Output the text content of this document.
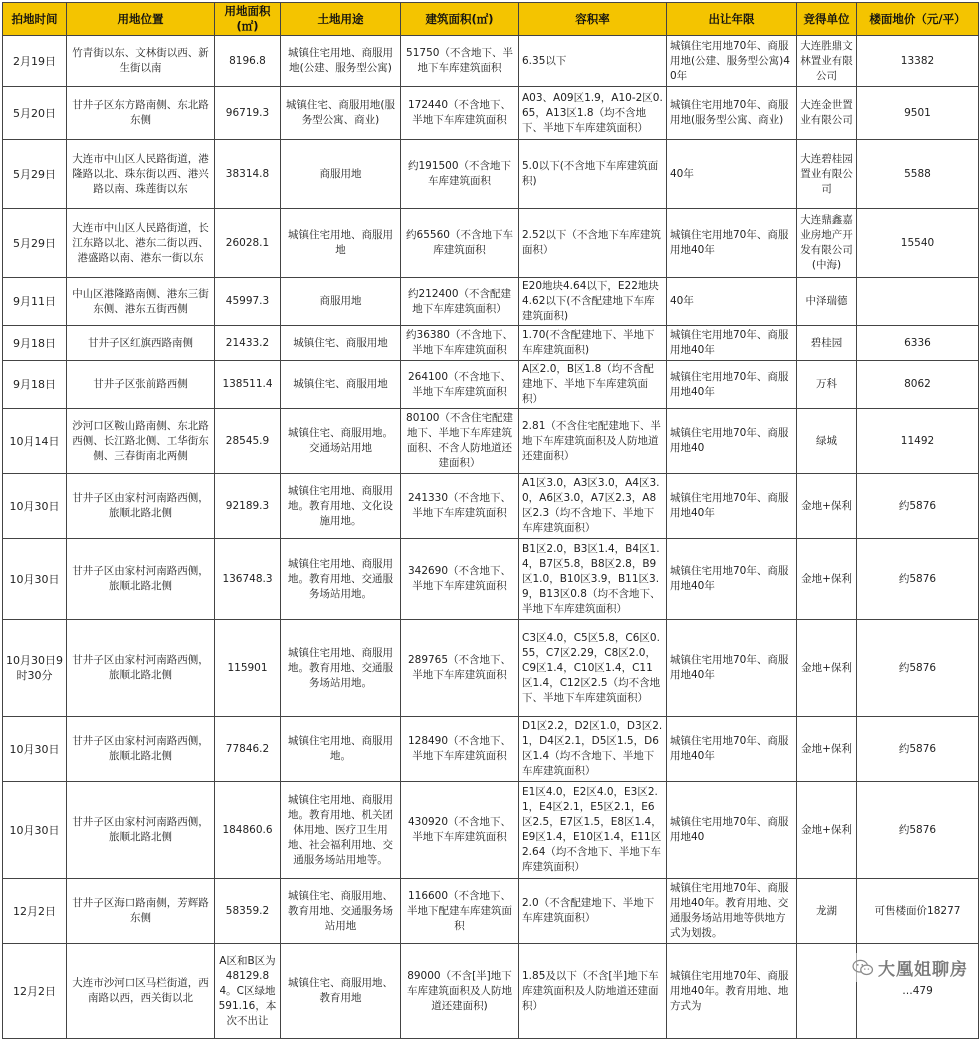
拍地时间	用地位置	用地面积(㎡)	土地用途	建筑面积(㎡)	容积率	出让年限	竞得单位	楼面地价（元/平）
2月19日	竹青街以东、文林街以西、新生街以南	8196.8	城镇住宅用地、商服用地(公建、服务型公寓)	51750（不含地下、半地下车库建筑面积	6.35以下	城镇住宅用地70年、商服用地(公建、服务型公寓)40年	大连胜鼎文林置业有限公司	13382
5月20日	甘井子区东方路南侧、东北路东侧	96719.3	城镇住宅、商服用地(服务型公寓、商业)	172440（不含地下、半地下车库建筑面积	A03、A09区1.9，A10-2区0.65，A13区1.8（均不含地下、半地下车库建筑面积）	城镇住宅用地70年、商服用地(服务型公寓、商业)	大连金世置业有限公司	9501
5月29日	大连市中山区人民路街道，港隆路以北、珠东街以西、港兴路以南、珠莲街以东	38314.8	商服用地	约191500（不含地下车库建筑面积	5.0以下(不含地下车库建筑面积)	40年	大连碧桂园置业有限公司	5588
5月29日	大连市中山区人民路街道，长江东路以北、港东二街以西、港盛路以南、港东一街以东	26028.1	城镇住宅用地、商服用地	约65560（不含地下车库建筑面积	2.52以下（不含地下车库建筑面积）	城镇住宅用地70年、商服用地40年	大连鼎鑫嘉业房地产开发有限公司(中海)	15540
9月11日	中山区港隆路南侧、港东三街东侧、港东五街西侧	45997.3	商服用地	约212400（不含配建地下车库建筑面积）	E20地块4.64以下，E22地块4.62以下(不含配建地下车库建筑面积)	40年	中泽瑞德	
9月18日	甘井子区红旗西路南侧	21433.2	城镇住宅、商服用地	约36380（不含地下、半地下车库建筑面积	1.70(不含配建地下、半地下车库建筑面积)	城镇住宅用地70年、商服用地40年	碧桂园	6336
9月18日	甘井子区张前路西侧	138511.4	城镇住宅、商服用地	264100（不含地下、半地下车库建筑面积	A区2.0，B区1.8（均不含配建地下、半地下车库建筑面积）	城镇住宅用地70年、商服用地40年	万科	8062
10月14日	沙河口区鞍山路南侧、东北路西侧、长江路北侧、工华街东侧、三春街南北两侧	28545.9	城镇住宅、商服用地。交通场站用地	80100（不含住宅配建地下、半地下车库建筑面积、不含人防地道还建面积）	2.81（不含住宅配建地下、半地下车库建筑面积及人防地道还建面积）	城镇住宅用地70年、商服用地40	绿城	11492
10月30日	甘井子区由家村河南路西侧，旅顺北路北侧	92189.3	城镇住宅用地、商服用地。教育用地、文化设施用地。	241330（不含地下、半地下车库建筑面积	A1区3.0，A3区3.0，A4区3.0，A6区3.0，A7区2.3，A8区2.3（均不含地下、半地下车库建筑面积）	城镇住宅用地70年、商服用地40年	金地+保利	约5876
10月30日	甘井子区由家村河南路西侧，旅顺北路北侧	136748.3	城镇住宅用地、商服用地。教育用地、交通服务场站用地。	342690（不含地下、半地下车库建筑面积	B1区2.0，B3区1.4，B4区1.4，B7区5.8，B8区2.8，B9区1.0，B10区3.9，B11区3.9，B13区0.8（均不含地下、半地下车库建筑面积）	城镇住宅用地70年、商服用地40年	金地+保利	约5876
10月30日9时30分	甘井子区由家村河南路西侧，旅顺北路北侧	115901	城镇住宅用地、商服用地。教育用地、交通服务场站用地。	289765（不含地下、半地下车库建筑面积	C3区4.0，C5区5.8，C6区0.55，C7区2.29，C8区2.0，C9区1.4，C10区1.4，C11区1.4，C12区2.5（均不含地下、半地下车库建筑面积）	城镇住宅用地70年、商服用地40年	金地+保利	约5876
10月30日	甘井子区由家村河南路西侧，旅顺北路北侧	77846.2	城镇住宅用地、商服用地。	128490（不含地下、半地下车库建筑面积	D1区2.2，D2区1.0，D3区2.1，D4区2.1，D5区1.5，D6区1.4（均不含地下、半地下车库建筑面积）	城镇住宅用地70年、商服用地40年	金地+保利	约5876
10月30日	甘井子区由家村河南路西侧，旅顺北路北侧	184860.6	城镇住宅用地、商服用地。教育用地、机关团体用地、医疗卫生用地、社会福利用地、交通服务场站用地等。	430920（不含地下、半地下车库建筑面积	E1区4.0，E2区4.0，E3区2.1，E4区2.1，E5区2.1，E6区2.5，E7区1.5，E8区1.4，E9区1.4，E10区1.4，E11区2.64（均不含地下、半地下车库建筑面积）	城镇住宅用地70年、商服用地40	金地+保利	约5876
12月2日	甘井子区海口路南侧，芳辉路东侧	58359.2	城镇住宅、商服用地、教育用地、交通服务场站用地	116600（不含地下、半地下配建车库建筑面积	2.0（不含配建地下、半地下车库建筑面积）	城镇住宅用地70年、商服用地40年。教育用地、交通服务场站用地等供地方式为划拨。	龙湖	可售楼面价18277
12月2日	大连市沙河口区马栏街道，西南路以西，西关街以北	A区和B区为48129.84。C区绿地591.16，本次不出让	城镇住宅、商服用地、教育用地	89000（不含[半]地下车库建筑面积及人防地道还建面积)	1.85及以下（不含[半]地下车库建筑面积及人防地道还建面积）	城镇住宅用地70年、商服用地40年。教育用地、地方式为		…479
大凰姐聊房
